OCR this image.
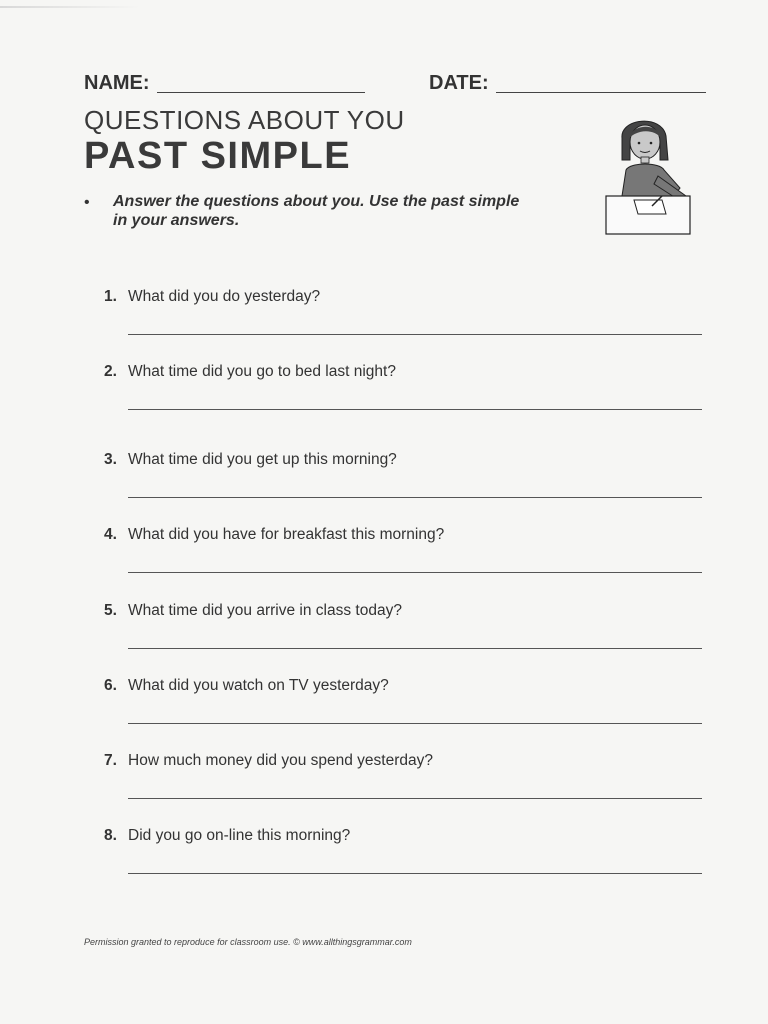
NAME:	DATE:
QUESTIONS ABOUT YOU
PAST SIMPLE
• Answer the questions about you. Use the past simple in your answers.
1. What did you do yesterday?
2. What time did you go to bed last night?
3. What time did you get up this morning?
4. What did you have for breakfast this morning?
5. What time did you arrive in class today?
6. What did you watch on TV yesterday?
7. How much money did you spend yesterday?
8. Did you go on-line this morning?
Permission granted to reproduce for classroom use. © www.allthingsgrammar.com
